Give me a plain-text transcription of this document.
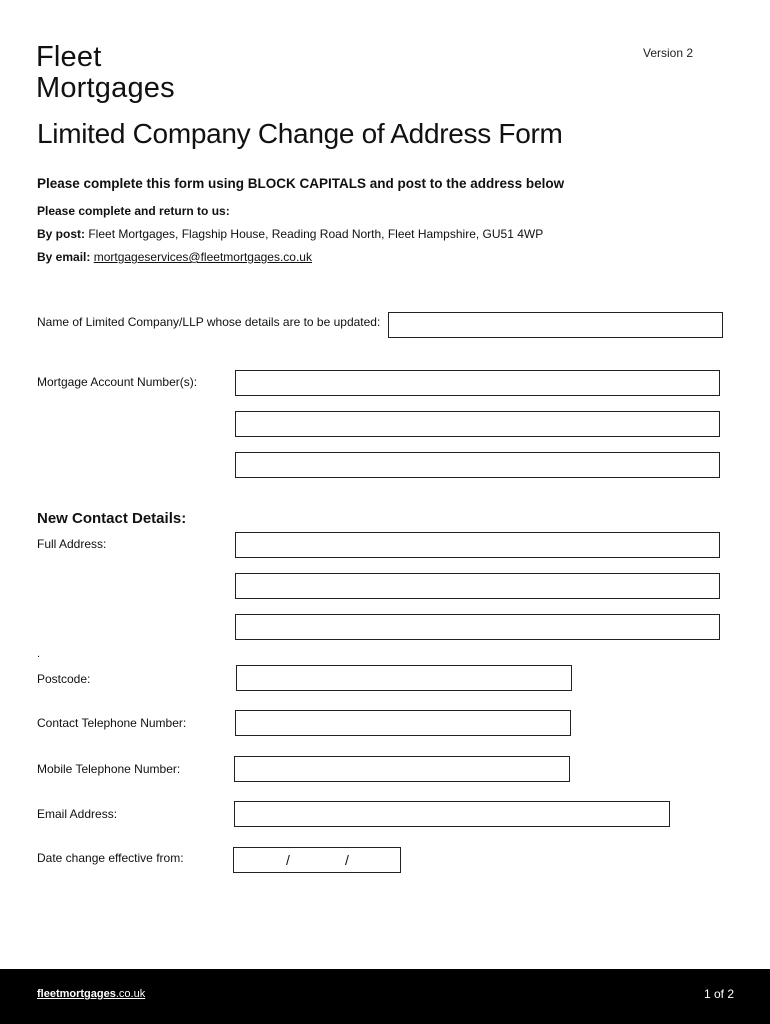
Fleet
Mortgages
Version 2
Limited Company Change of Address Form
Please complete this form using BLOCK CAPITALS and post to the address below
Please complete and return to us:
By post: Fleet Mortgages, Flagship House, Reading Road North, Fleet Hampshire, GU51 4WP
By email: mortgageservices@fleetmortgages.co.uk
Name of Limited Company/LLP whose details are to be updated:
Mortgage Account Number(s):
New Contact Details:
Full Address:
.
Postcode:
Contact Telephone Number:
Mobile Telephone Number:
Email Address:
Date change effective from:	/	/
fleetmortgages.co.uk	1 of 2
